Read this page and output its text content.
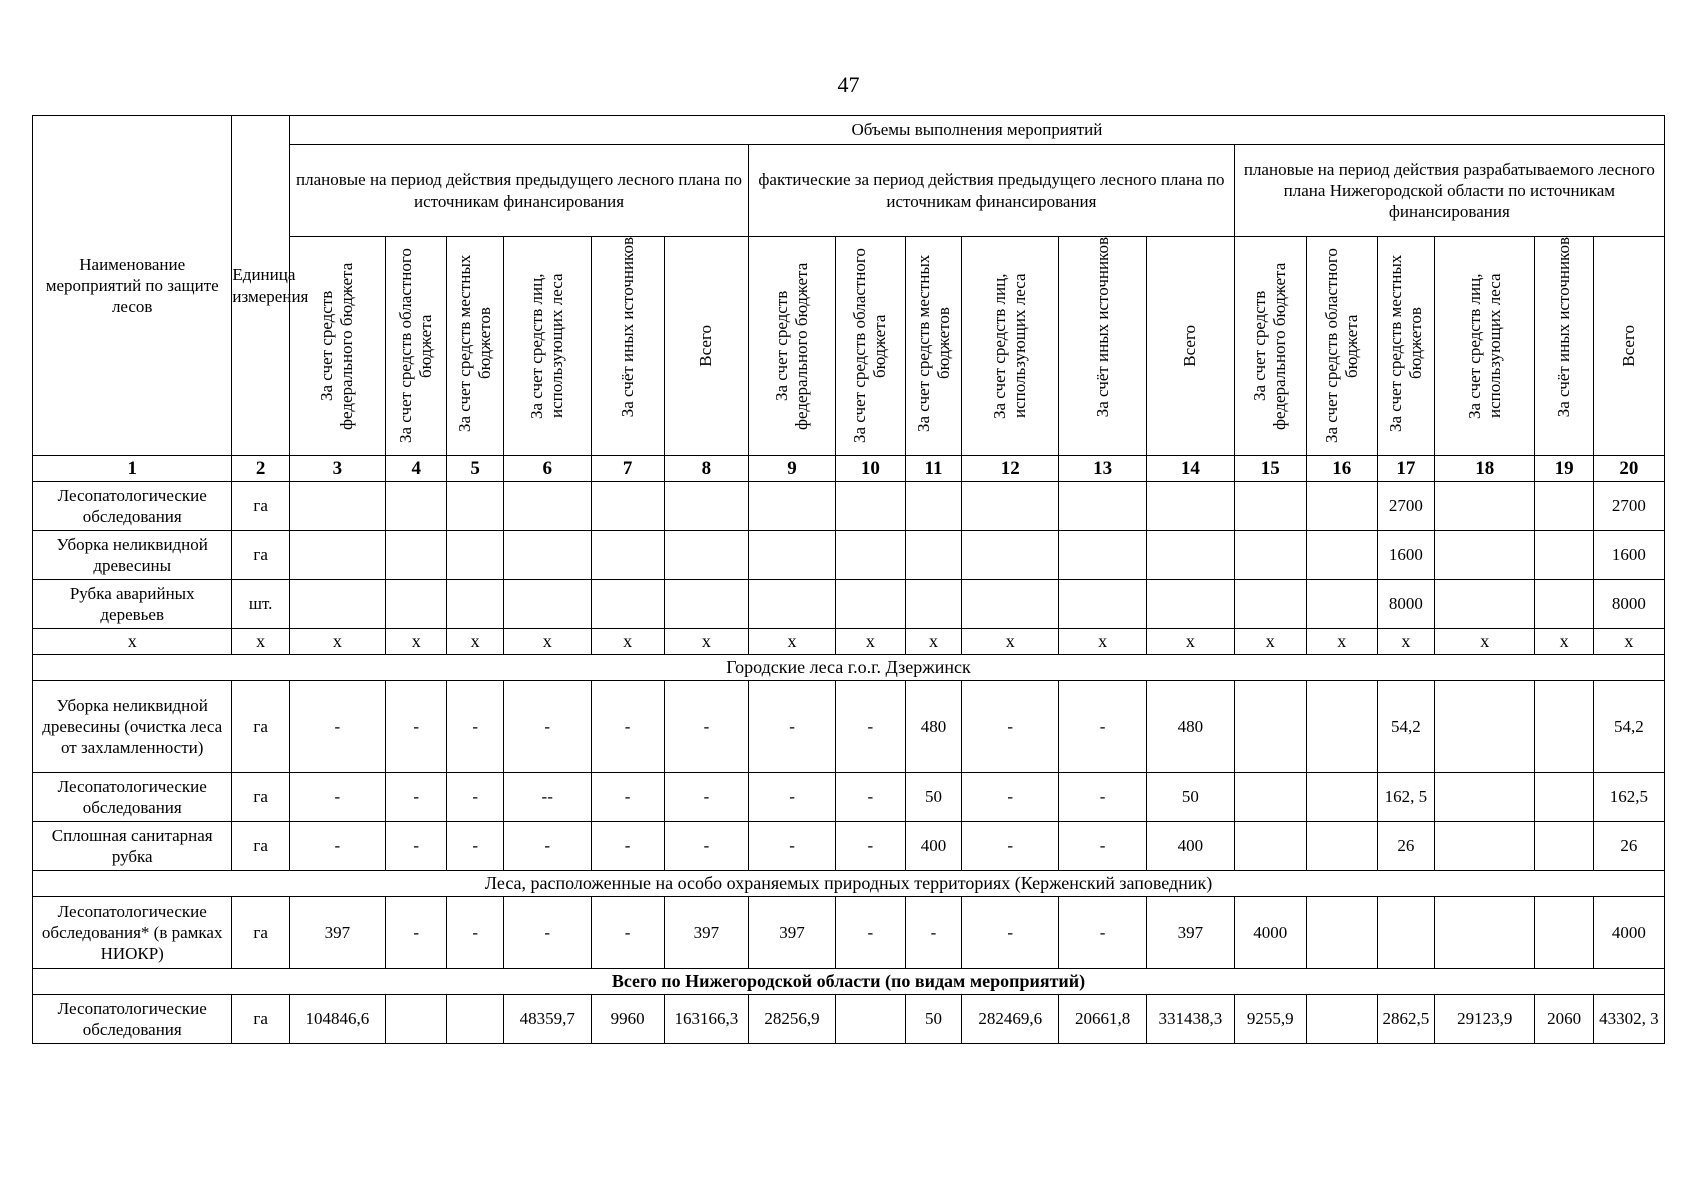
47
Наименование мероприятий по защите лесов	Единица измерения	Объемы выполнения мероприятий																	
		плановые на период действия предыдущего лесного плана по источникам финансирования						фактические за период действия предыдущего лесного плана по источникам финансирования						плановые на период действия разрабатываемого лесного плана Нижегородской области по источникам финансирования					

		За счет средств федерального бюджета	За счет средств областного бюджета	За счет средств местных бюджетов	За счет средств лиц, использующих леса	За счёт иных источников	Всего	За счет средств федерального бюджета	За счет средств областного бюджета	За счет средств местных бюджетов	За счет средств лиц, использующих леса	За счёт иных источников	Всего	За счет средств федерального бюджета	За счет средств областного бюджета	За счет средств местных бюджетов	За счет средств лиц, использующих леса	За счёт иных источников	Всего

1	2	3	4	5	6	7	8	9	10	11	12	13	14	15	16	17	18	19	20
Лесопатологические обследования	га															2700			2700
Уборка неликвидной древесины	га															1600			1600
Рубка аварийных деревьев	шт.															8000			8000
х	х	х	х	х	х	х	х	х	х	х	х	х	х	х	х	х	х	х	х
Городские леса г.о.г. Дзержинск																			
Уборка неликвидной древесины (очистка леса от захламленности)	га	-	-	-	-	-	-	-	-	480	-	-	480			54,2			54,2
Лесопатологические обследования	га	-	-	-	--	-	-	-	-	50	-	-	50			162, 5			162,5
Сплошная санитарная рубка	га	-	-	-	-	-	-	-	-	400	-	-	400			26			26
Леса, расположенные на особо охраняемых природных территориях (Керженский заповедник)																			
Лесопатологические обследования* (в рамках НИОКР)	га	397	-	-	-	-	397	397	-	-	-	-	397	4000					4000
Всего по Нижегородской области (по видам мероприятий)																			
Лесопатологические обследования	га	104846,6			48359,7	9960	163166,3	28256,9		50	282469,6	20661,8	331438,3	9255,9		2862,5	29123,9	2060	43302, 3
